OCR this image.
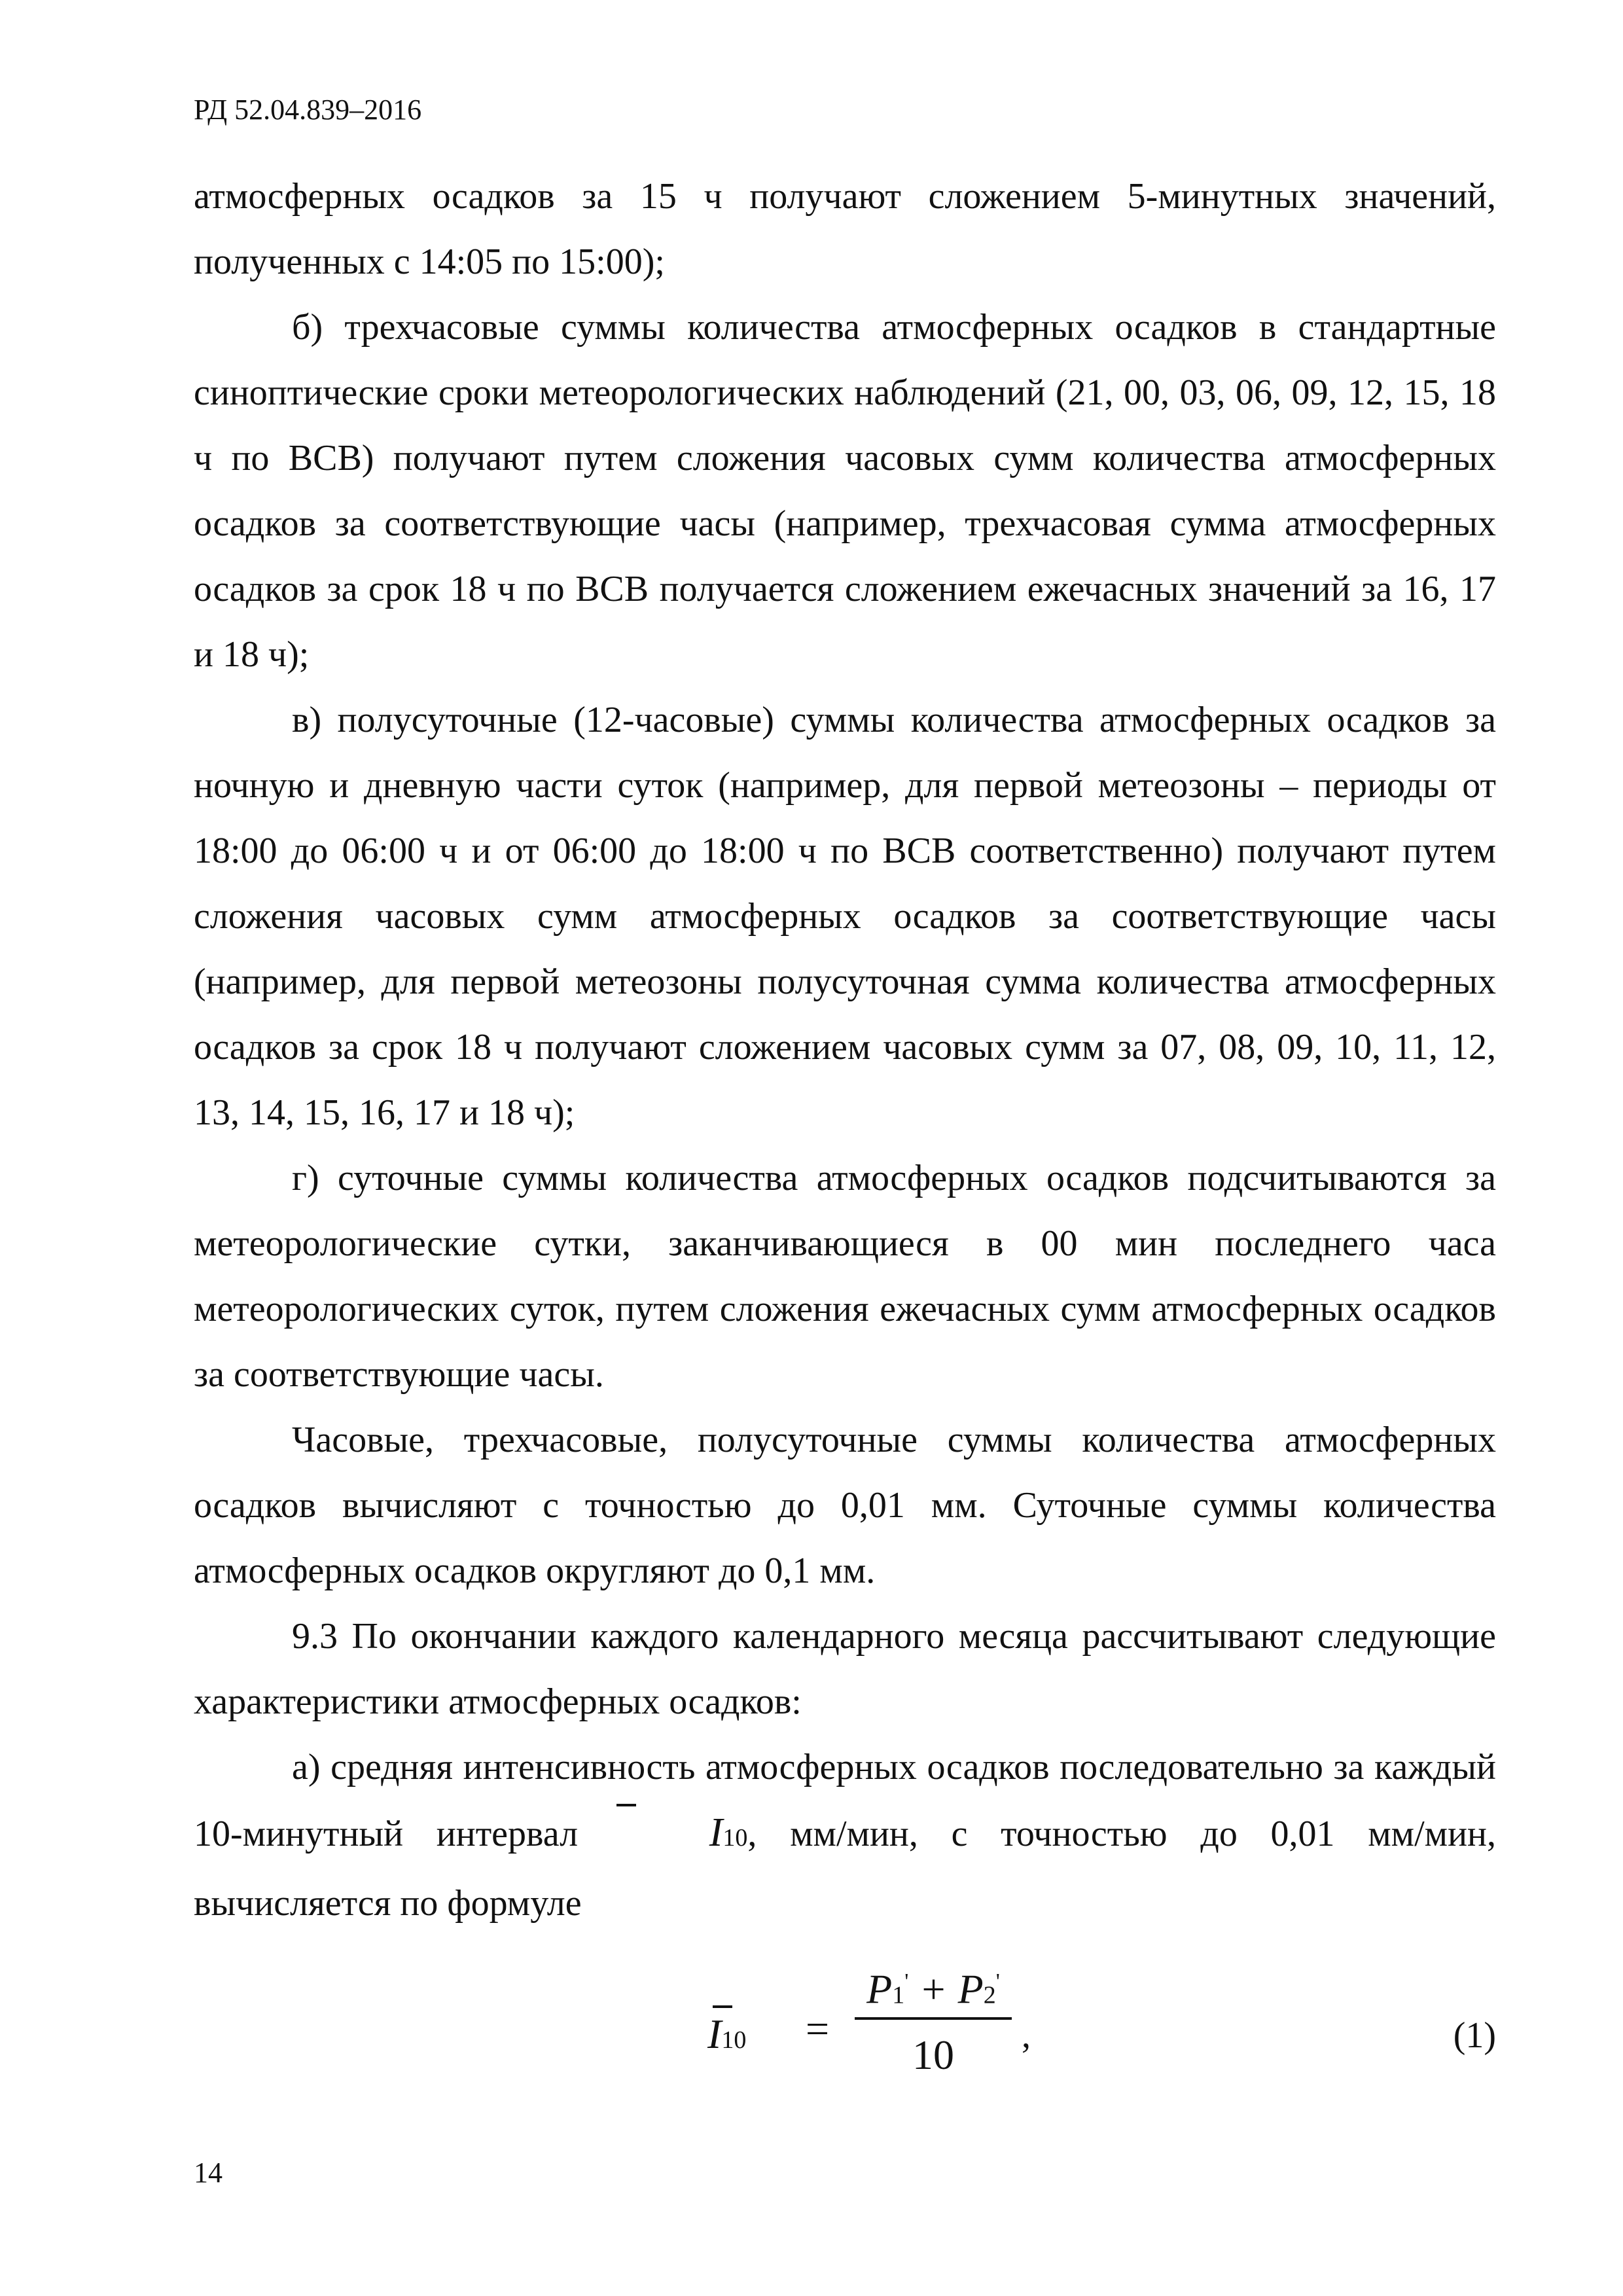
РД 52.04.839–2016

атмосферных осадков за 15 ч получают сложением 5-минутных значений, полученных с 14:05 по 15:00);

б) трехчасовые суммы количества атмосферных осадков в стандартные синоптические сроки метеорологических наблюдений (21, 00, 03, 06, 09, 12, 15, 18 ч по ВСВ) получают путем сложения часовых сумм количества атмосферных осадков за соответствующие часы (например, трехчасовая сумма атмосферных осадков за срок 18 ч по ВСВ получается сложением ежечасных значений за 16, 17 и 18 ч);

в) полусуточные (12-часовые) суммы количества атмосферных осадков за ночную и дневную части суток (например, для первой метеозоны – периоды от 18:00 до 06:00 ч и от 06:00 до 18:00 ч по ВСВ соответственно) получают путем сложения часовых сумм атмосферных осадков за соответствующие часы (например, для первой метеозоны полусуточная сумма количества атмосферных осадков за срок 18 ч получают сложением часовых сумм за 07, 08, 09, 10, 11, 12, 13, 14, 15, 16, 17 и 18 ч);

г) суточные суммы количества атмосферных осадков подсчитываются за метеорологические сутки, заканчивающиеся в 00 мин последнего часа метеорологических суток, путем сложения ежечасных сумм атмосферных осадков за соответствующие часы.

Часовые, трехчасовые, полусуточные суммы количества атмосферных осадков вычисляют с точностью до 0,01 мм. Суточные суммы количества атмосферных осадков округляют до 0,1 мм.

9.3 По окончании каждого календарного месяца рассчитывают следующие характеристики атмосферных осадков:

а) средняя интенсивность атмосферных осадков последовательно за каждый 10-минутный интервал	I10, мм/мин, с точностью до 0,01 мм/мин, вычисляется по формуле

I10 =
P1' + P2'
10	,	(1)
14
